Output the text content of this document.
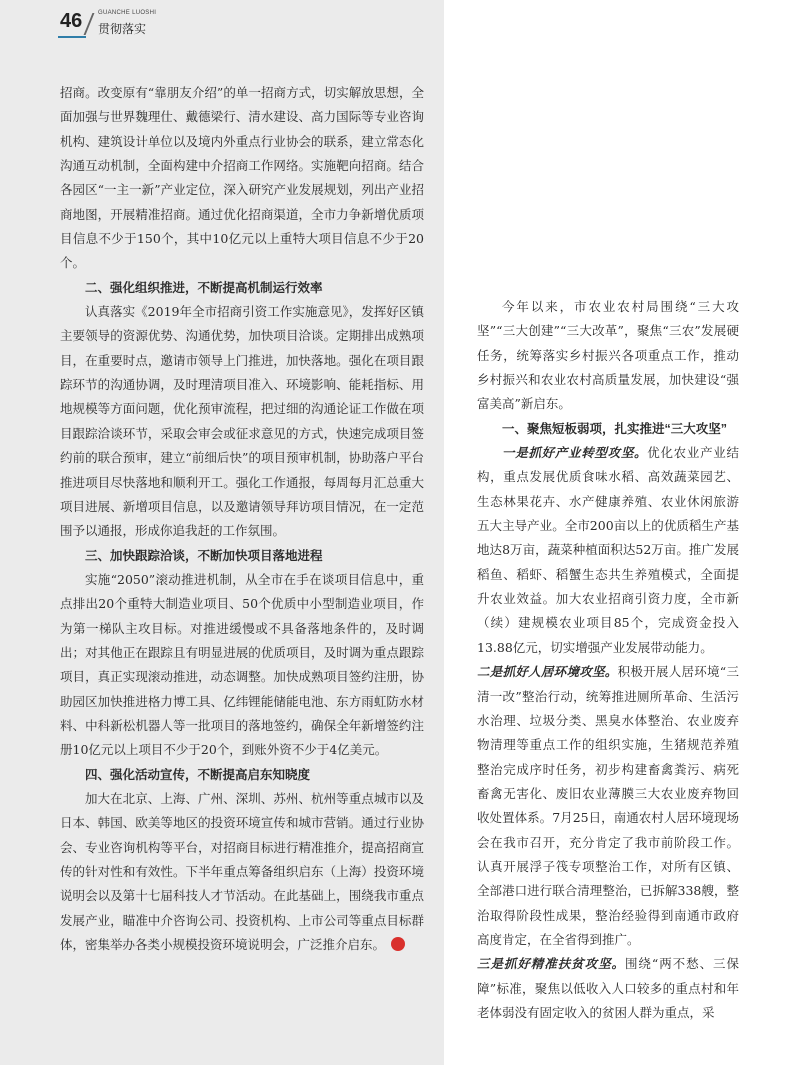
46	GUANCHE LUOSHI
贯彻落实

招商。改变原有“靠朋友介绍”的单一招商方式，切实解放思想，全面加强与世界魏理仕、戴德梁行、清水建设、高力国际等专业咨询机构、建筑设计单位以及境内外重点行业协会的联系，建立常态化沟通互动机制，全面构建中介招商工作网络。实施靶向招商。结合各园区“一主一新”产业定位，深入研究产业发展规划，列出产业招商地图，开展精准招商。通过优化招商渠道，全市力争新增优质项目信息不少于150个，其中10亿元以上重特大项目信息不少于20个。

二、强化组织推进，不断提高机制运行效率

认真落实《2019年全市招商引资工作实施意见》，发挥好区镇主要领导的资源优势、沟通优势，加快项目洽谈。定期排出成熟项目，在重要时点，邀请市领导上门推进，加快落地。强化在项目跟踪环节的沟通协调，及时理清项目准入、环境影响、能耗指标、用地规模等方面问题，优化预审流程，把过细的沟通论证工作做在项目跟踪洽谈环节，采取会审会或征求意见的方式，快速完成项目签约前的联合预审，建立“前细后快”的项目预审机制，协助落户平台推进项目尽快落地和顺利开工。强化工作通报，每周每月汇总重大项目进展、新增项目信息，以及邀请领导拜访项目情况，在一定范围予以通报，形成你追我赶的工作氛围。

三、加快跟踪洽谈，不断加快项目落地进程

实施“2050”滚动推进机制，从全市在手在谈项目信息中，重点排出20个重特大制造业项目、50个优质中小型制造业项目，作为第一梯队主攻目标。对推进缓慢或不具备落地条件的，及时调出；对其他正在跟踪且有明显进展的优质项目，及时调为重点跟踪项目，真正实现滚动推进，动态调整。加快成熟项目签约注册，协助园区加快推进格力博工具、亿纬锂能储能电池、东方雨虹防水材料、中科新松机器人等一批项目的落地签约，确保全年新增签约注册10亿元以上项目不少于20个，到账外资不少于4亿美元。

四、强化活动宣传，不断提高启东知晓度

加大在北京、上海、广州、深圳、苏州、杭州等重点城市以及日本、韩国、欧美等地区的投资环境宣传和城市营销。通过行业协会、专业咨询机构等平台，对招商目标进行精准推介，提高招商宣传的针对性和有效性。下半年重点筹备组织启东（上海）投资环境说明会以及第十七届科技人才节活动。在此基础上，围绕我市重点发展产业，瞄准中介咨询公司、投资机构、上市公司等重点目标群体，密集举办各类小规模投资环境说明会，广泛推介启东。

今年以来，市农业农村局围绕“三大攻坚”“三大创建”“三大改革”，聚焦“三农”发展硬任务，统筹落实乡村振兴各项重点工作，推动乡村振兴和农业农村高质量发展，加快建设“强富美高”新启东。

一、聚焦短板弱项，扎实推进“三大攻坚”

一是抓好产业转型攻坚。优化农业产业结构，重点发展优质食味水稻、高效蔬菜园艺、生态林果花卉、水产健康养殖、农业休闲旅游五大主导产业。全市200亩以上的优质稻生产基地达8万亩，蔬菜种植面积达52万亩。推广发展稻鱼、稻虾、稻蟹生态共生养殖模式，全面提升农业效益。加大农业招商引资力度，全市新（续）建规模农业项目85个，完成资金投入13.88亿元，切实增强产业发展带动能力。

二是抓好人居环境攻坚。积极开展人居环境“三清一改”整治行动，统筹推进厕所革命、生活污水治理、垃圾分类、黑臭水体整治、农业废弃物清理等重点工作的组织实施，生猪规范养殖整治完成序时任务，初步构建畜禽粪污、病死畜禽无害化、废旧农业薄膜三大农业废弃物回收处置体系。7月25日，南通农村人居环境现场会在我市召开，充分肯定了我市前阶段工作。认真开展浮子筏专项整治工作，对所有区镇、全部港口进行联合清理整治，已拆解338艘，整治取得阶段性成果，整治经验得到南通市政府高度肯定，在全省得到推广。

三是抓好精准扶贫攻坚。围绕“两不愁、三保障”标准，聚焦以低收入人口较多的重点村和年老体弱没有固定收入的贫困人群为重点，采
